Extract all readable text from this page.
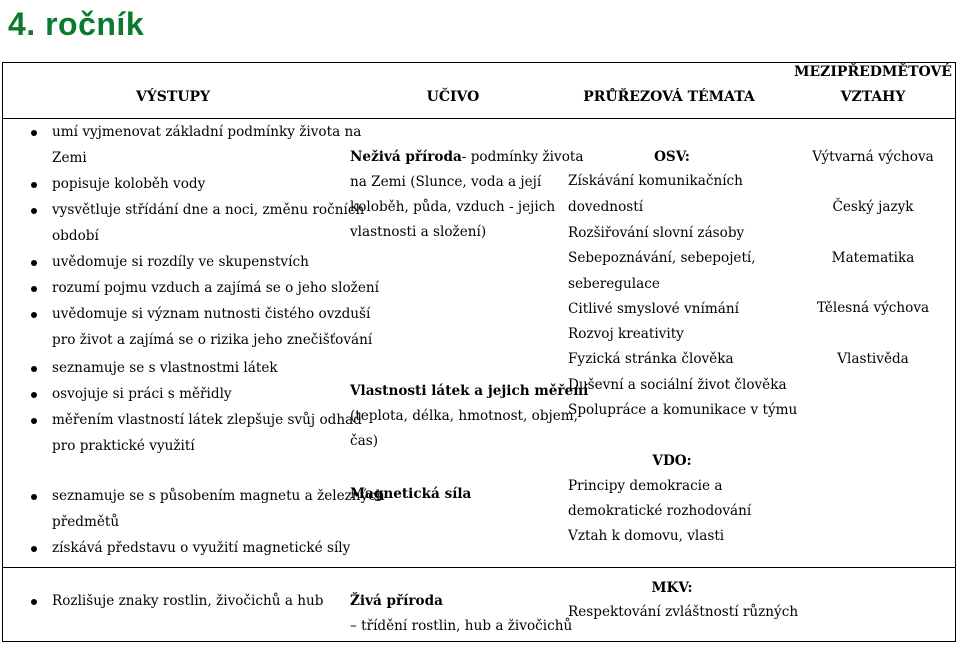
4. ročník
VÝSTUPY	UČIVO	PRŮŘEZOVÁ TÉMATA
MEZIPŘEDMĚTOVÉ
VZTAHY
umí vyjmenovat základní podmínky života na
Zemi
popisuje koloběh vody
vysvětluje střídání dne a noci, změnu ročních
období
uvědomuje si rozdíly ve skupenstvích
rozumí pojmu vzduch a zajímá se o jeho složení
uvědomuje si význam nutnosti čistého ovzduší
pro život a zajímá se o rizika jeho znečišťování
seznamuje se s vlastnostmi látek
osvojuje si práci s měřidly
měřením vlastností látek zlepšuje svůj odhad
pro praktické využití
seznamuje se s působením magnetu a železných
předmětů
získává představu o využití magnetické síly
Rozlišuje znaky rostlin, živočichů a hub
Neživá příroda- podmínky života
na Zemi (Slunce, voda a její
koloběh, půda, vzduch - jejich
vlastnosti a složení)
Vlastnosti látek a jejich měření
(teplota, délka, hmotnost, objem,
čas)
Magnetická síla
Živá příroda
– třídění rostlin, hub a živočichů
OSV:
Získávání komunikačních
dovedností
Rozšiřování slovní zásoby
Sebepoznávání, sebepojetí,
seberegulace
Citlivé smyslové vnímání
Rozvoj kreativity
Fyzická stránka člověka
Duševní a sociální život člověka
Spolupráce a komunikace v týmu
VDO:
Principy demokracie a
demokratické rozhodování
Vztah k domovu, vlasti
MKV:
Respektování zvláštností různých
Výtvarná výchova
Český jazyk
Matematika
Tělesná výchova
Vlastivěda
